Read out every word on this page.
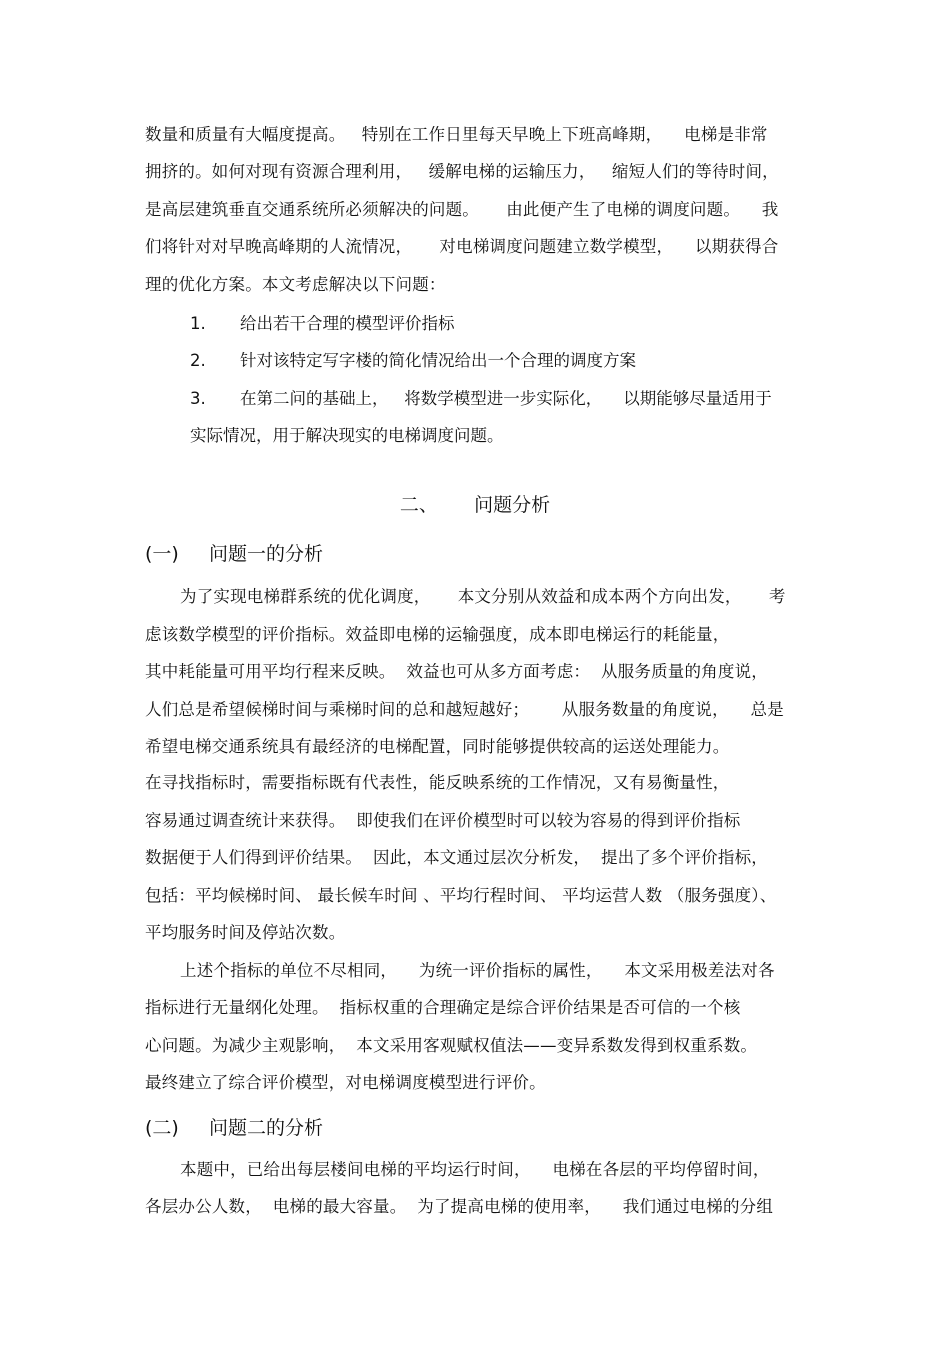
数量和质量有大幅度提高。   特别在工作日里每天早晚上下班高峰期，    电梯是非常
拥挤的。如何对现有资源合理利用，   缓解电梯的运输压力，   缩短人们的等待时间，
是高层建筑垂直交通系统所必须解决的问题。     由此便产生了电梯的调度问题。    我
们将针对对早晚高峰期的人流情况，     对电梯调度问题建立数学模型，    以期获得合
理的优化方案。本文考虑解决以下问题：
1. 给出若干合理的模型评价指标
2. 针对该特定写字楼的简化情况给出一个合理的调度方案
3. 在第二问的基础上，   将数学模型进一步实际化，    以期能够尽量适用于
实际情况，用于解决现实的电梯调度问题。
二、      问题分析
(一)     问题一的分析
为了实现电梯群系统的优化调度，     本文分别从效益和成本两个方向出发，     考
虑该数学模型的评价指标。效益即电梯的运输强度，成本即电梯运行的耗能量，
其中耗能量可用平均行程来反映。  效益也可从多方面考虑：  从服务质量的角度说，
人们总是希望候梯时间与乘梯时间的总和越短越好；      从服务数量的角度说，    总是
希望电梯交通系统具有最经济的电梯配置，同时能够提供较高的运送处理能力。
在寻找指标时，需要指标既有代表性，能反映系统的工作情况，又有易衡量性，
容易通过调查统计来获得。  即使我们在评价模型时可以较为容易的得到评价指标
数据便于人们得到评价结果。  因此，本文通过层次分析发，  提出了多个评价指标，
包括：平均候梯时间、 最长候车时间 、平均行程时间、 平均运营人数 （服务强度）、
平均服务时间及停站次数。
上述个指标的单位不尽相同，    为统一评价指标的属性，    本文采用极差法对各
指标进行无量纲化处理。  指标权重的合理确定是综合评价结果是否可信的一个核
心问题。为减少主观影响，  本文采用客观赋权值法——变异系数发得到权重系数。
最终建立了综合评价模型，对电梯调度模型进行评价。
(二)     问题二的分析
本题中，已给出每层楼间电梯的平均运行时间，    电梯在各层的平均停留时间，
各层办公人数，  电梯的最大容量。  为了提高电梯的使用率，    我们通过电梯的分组
